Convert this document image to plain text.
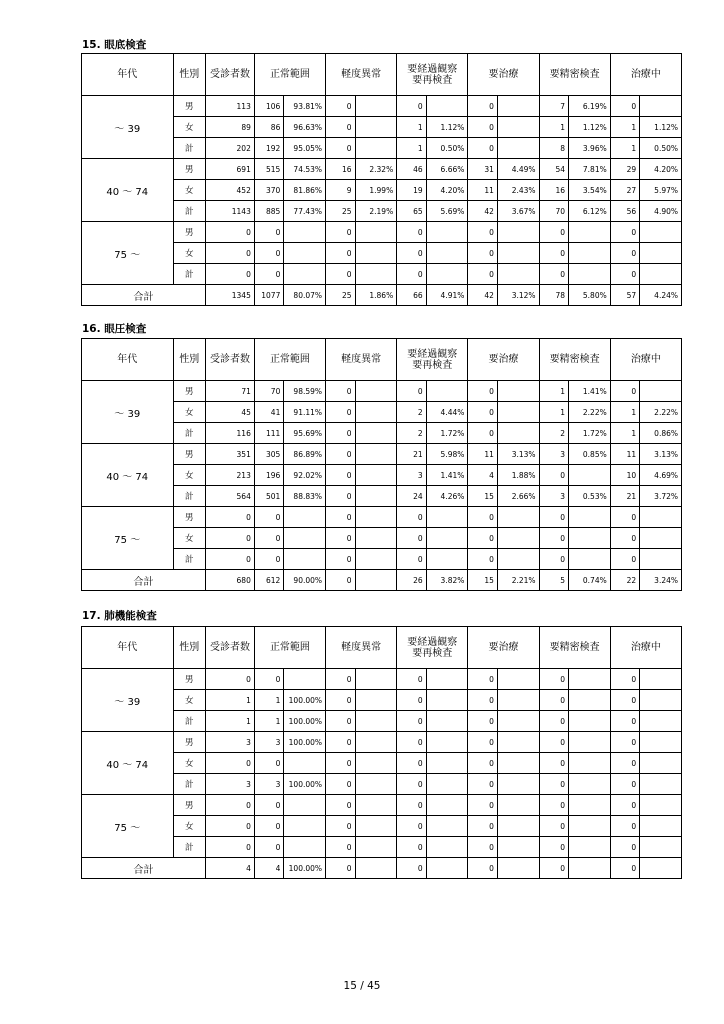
15. 眼底検査
年代	性別	受診者数	正常範囲		軽度異常		要経過観察
要再検査		要治療		要精密検査		治療中	
～ 39	男	113	106	93.81%	0		0		0		7	6.19%	0	
	女	89	86	96.63%	0		1	1.12%	0		1	1.12%	1	1.12%
	計	202	192	95.05%	0		1	0.50%	0		8	3.96%	1	0.50%
40 ～ 74	男	691	515	74.53%	16	2.32%	46	6.66%	31	4.49%	54	7.81%	29	4.20%
	女	452	370	81.86%	9	1.99%	19	4.20%	11	2.43%	16	3.54%	27	5.97%
	計	1143	885	77.43%	25	2.19%	65	5.69%	42	3.67%	70	6.12%	56	4.90%
75 ～	男	0	0		0		0		0		0		0	
	女	0	0		0		0		0		0		0	
	計	0	0		0		0		0		0		0	
合計		1345	1077	80.07%	25	1.86%	66	4.91%	42	3.12%	78	5.80%	57	4.24%
16. 眼圧検査
年代	性別	受診者数	正常範囲		軽度異常		要経過観察
要再検査		要治療		要精密検査		治療中	
～ 39	男	71	70	98.59%	0		0		0		1	1.41%	0	
	女	45	41	91.11%	0		2	4.44%	0		1	2.22%	1	2.22%
	計	116	111	95.69%	0		2	1.72%	0		2	1.72%	1	0.86%
40 ～ 74	男	351	305	86.89%	0		21	5.98%	11	3.13%	3	0.85%	11	3.13%
	女	213	196	92.02%	0		3	1.41%	4	1.88%	0		10	4.69%
	計	564	501	88.83%	0		24	4.26%	15	2.66%	3	0.53%	21	3.72%
75 ～	男	0	0		0		0		0		0		0	
	女	0	0		0		0		0		0		0	
	計	0	0		0		0		0		0		0	
合計		680	612	90.00%	0		26	3.82%	15	2.21%	5	0.74%	22	3.24%
17. 肺機能検査
年代	性別	受診者数	正常範囲		軽度異常		要経過観察
要再検査		要治療		要精密検査		治療中	
～ 39	男	0	0		0		0		0		0		0	
	女	1	1	100.00%	0		0		0		0		0	
	計	1	1	100.00%	0		0		0		0		0	
40 ～ 74	男	3	3	100.00%	0		0		0		0		0	
	女	0	0		0		0		0		0		0	
	計	3	3	100.00%	0		0		0		0		0	
75 ～	男	0	0		0		0		0		0		0	
	女	0	0		0		0		0		0		0	
	計	0	0		0		0		0		0		0	
合計		4	4	100.00%	0		0		0		0		0	
15 / 45
